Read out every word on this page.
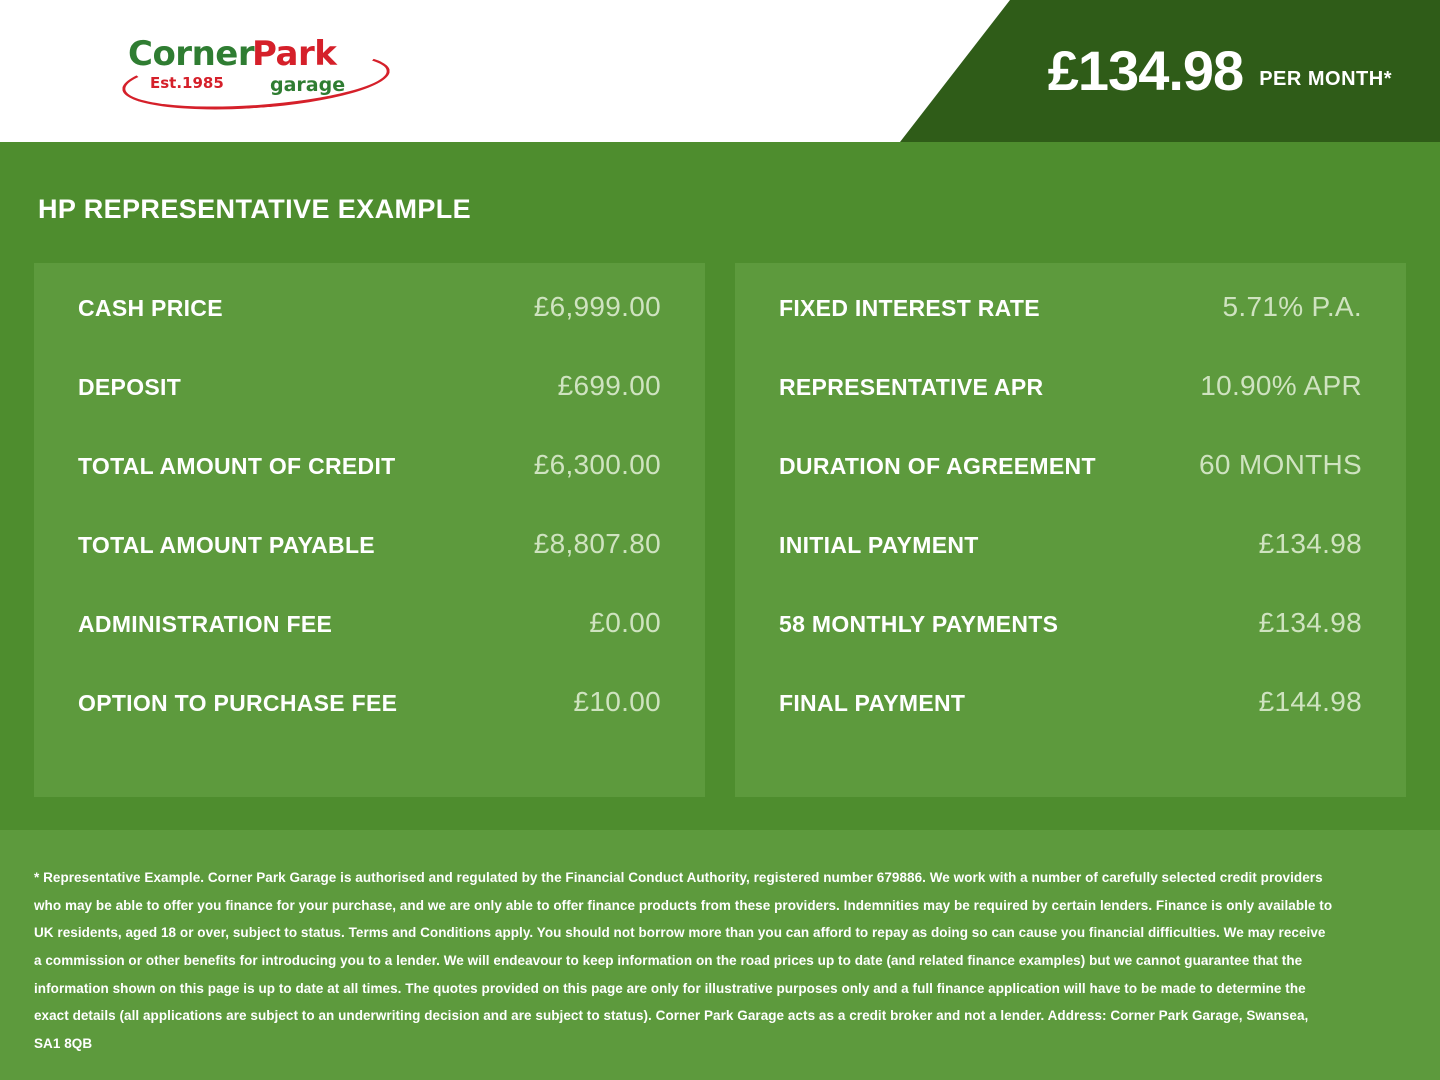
Corner
Park
Est.1985 garage	£134.98 PER MONTH*
HP REPRESENTATIVE EXAMPLE
CASH PRICE	£6,999.00
DEPOSIT	£699.00
TOTAL AMOUNT OF CREDIT	£6,300.00
TOTAL AMOUNT PAYABLE	£8,807.80
ADMINISTRATION FEE	£0.00
OPTION TO PURCHASE FEE	£10.00
FIXED INTEREST RATE	5.71% P.A.
REPRESENTATIVE APR	10.90% APR
DURATION OF AGREEMENT	60 MONTHS
INITIAL PAYMENT	£134.98
58 MONTHLY PAYMENTS	£134.98
FINAL PAYMENT	£144.98

* Representative Example. Corner Park Garage is authorised and regulated by the Financial Conduct Authority, registered number 679886. We work with a number of carefully selected credit providers who may be able to offer you finance for your purchase, and we are only able to offer finance products from these providers. Indemnities may be required by certain lenders. Finance is only available to UK residents, aged 18 or over, subject to status. Terms and Conditions apply. You should not borrow more than you can afford to repay as doing so can cause you financial difficulties. We may receive a commission or other benefits for introducing you to a lender. We will endeavour to keep information on the road prices up to date (and related finance examples) but we cannot guarantee that the information shown on this page is up to date at all times. The quotes provided on this page are only for illustrative purposes only and a full finance application will have to be made to determine the exact details (all applications are subject to an underwriting decision and are subject to status). Corner Park Garage acts as a credit broker and not a lender. Address: Corner Park Garage, Swansea, SA1 8QB
